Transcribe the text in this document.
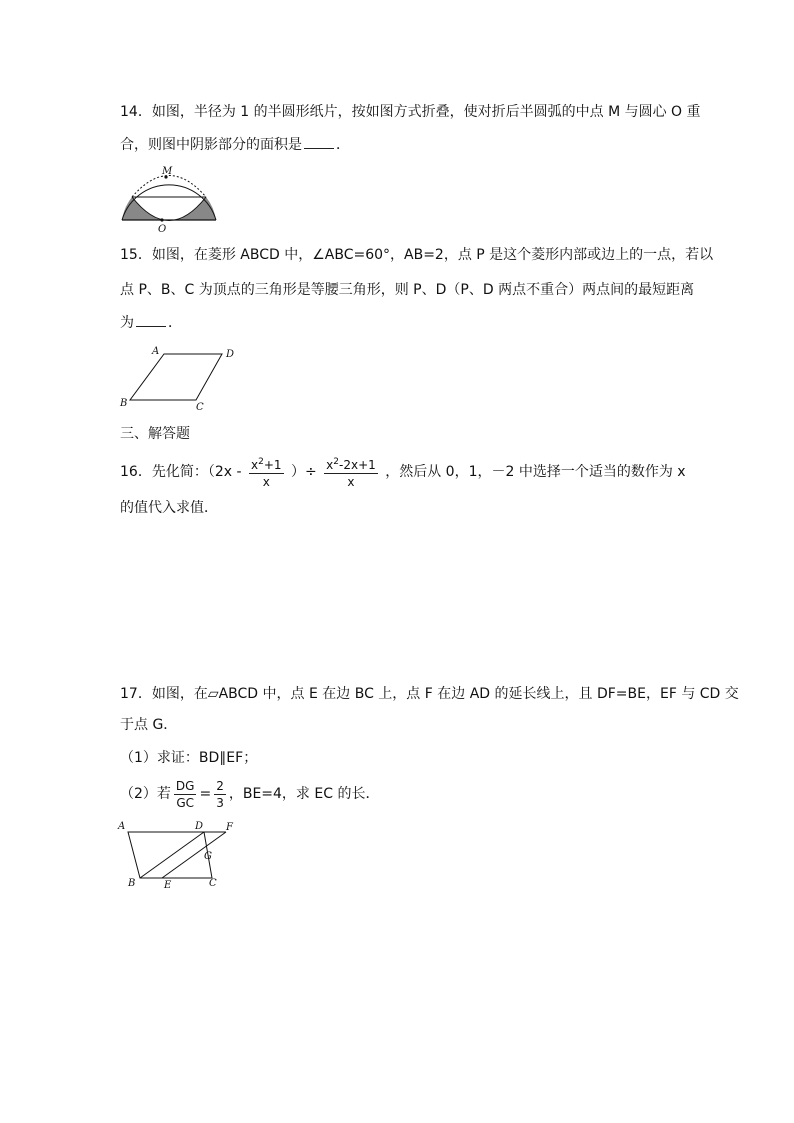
14．如图，半径为 1 的半圆形纸片，按如图方式折叠，使对折后半圆弧的中点 M 与圆心 O 重
合，则图中阴影部分的面积是 ．
M
O
15．如图，在菱形 ABCD 中，∠ABC=60°，AB=2，点 P 是这个菱形内部或边上的一点，若以
点 P、B、C 为顶点的三角形是等腰三角形，则 P、D（P、D 两点不重合）两点间的最短距离
为 ．
A	D
B	C
三、解答题
16．先化简：（$2x - \frac{x^2+1}{x}$ ）÷ $\frac{x^2-2x+1}{x}$ ，然后从 0，1，－2 中选择一个适当的数作为 x
的值代入求值．
17．如图，在▱ABCD 中，点 E 在边 BC 上，点 F 在边 AD 的延长线上，且 DF=BE，EF 与 CD 交
于点 G．
（1）求证：BD∥EF；
（2）若 $\frac{DG}{GC} = \frac{2}{3}$ ，BE=4，求 EC 的长．
A	D F
G
B	E	C
